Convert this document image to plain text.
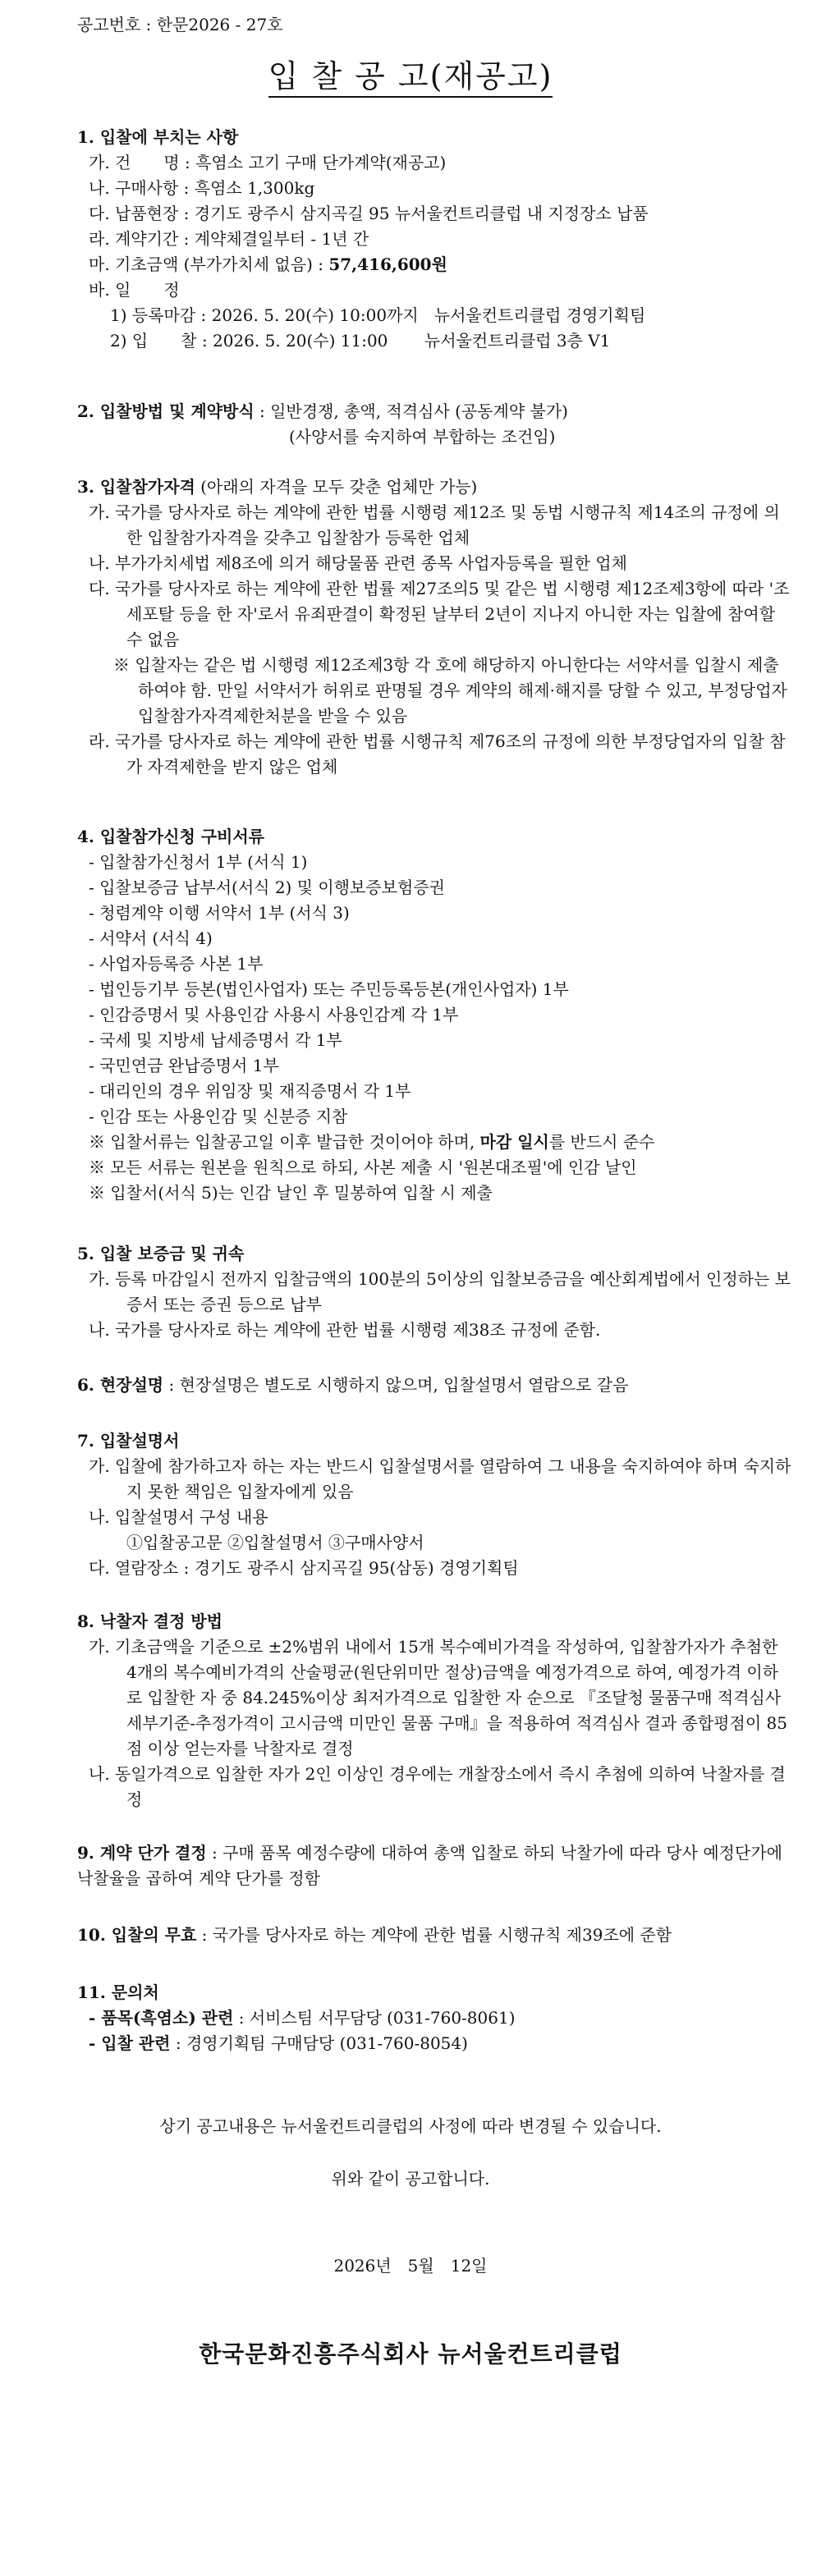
공고번호 : 한문2026 - 27호
입 찰 공 고(재공고)
1. 입찰에 부치는 사항
가. 건　　명 : 흑염소 고기 구매 단가계약(재공고)
나. 구매사항 : 흑염소 1,300kg
다. 납품현장 : 경기도 광주시 삼지곡길 95 뉴서울컨트리클럽 내 지정장소 납품
라. 계약기간 : 계약체결일부터 - 1년 간
마. 기초금액 (부가가치세 없음) : 57,416,600원
바. 일　　정
1) 등록마감 : 2026. 5. 20(수) 10:00까지   뉴서울컨트리클럽 경영기획팀
2) 입　　찰 : 2026. 5. 20(수) 11:00       뉴서울컨트리클럽 3층 V1
2. 입찰방법 및 계약방식 : 일반경쟁, 총액, 적격심사 (공동계약 불가)
(사양서를 숙지하여 부합하는 조건임)
3. 입찰참가자격 (아래의 자격을 모두 갖춘 업체만 가능)
가. 국가를 당사자로 하는 계약에 관한 법률 시행령 제12조 및 동법 시행규칙 제14조의 규정에 의한 입찰참가자격을 갖추고 입찰참가 등록한 업체
나. 부가가치세법 제8조에 의거 해당물품 관련 종목 사업자등록을 필한 업체
다. 국가를 당사자로 하는 계약에 관한 법률 제27조의5 및 같은 법 시행령 제12조제3항에 따라 '조세포탈 등을 한 자'로서 유죄판결이 확정된 날부터 2년이 지나지 아니한 자는 입찰에 참여할 수 없음
※ 입찰자는 같은 법 시행령 제12조제3항 각 호에 해당하지 아니한다는 서약서를 입찰시 제출하여야 함. 만일 서약서가 허위로 판명될 경우 계약의 해제·해지를 당할 수 있고, 부정당업자 입찰참가자격제한처분을 받을 수 있음
라. 국가를 당사자로 하는 계약에 관한 법률 시행규칙 제76조의 규정에 의한 부정당업자의 입찰 참가 자격제한을 받지 않은 업체
4. 입찰참가신청 구비서류
- 입찰참가신청서 1부 (서식 1)
- 입찰보증금 납부서(서식 2) 및 이행보증보험증권
- 청렴계약 이행 서약서 1부 (서식 3)
- 서약서 (서식 4)
- 사업자등록증 사본 1부
- 법인등기부 등본(법인사업자) 또는 주민등록등본(개인사업자) 1부
- 인감증명서 및 사용인감 사용시 사용인감계 각 1부
- 국세 및 지방세 납세증명서 각 1부
- 국민연금 완납증명서 1부
- 대리인의 경우 위임장 및 재직증명서 각 1부
- 인감 또는 사용인감 및 신분증 지참
※ 입찰서류는 입찰공고일 이후 발급한 것이어야 하며, 마감 일시를 반드시 준수
※ 모든 서류는 원본을 원칙으로 하되, 사본 제출 시 '원본대조필'에 인감 날인
※ 입찰서(서식 5)는 인감 날인 후 밀봉하여 입찰 시 제출
5. 입찰 보증금 및 귀속
가. 등록 마감일시 전까지 입찰금액의 100분의 5이상의 입찰보증금을 예산회계법에서 인정하는 보증서 또는 증권 등으로 납부
나. 국가를 당사자로 하는 계약에 관한 법률 시행령 제38조 규정에 준함.
6. 현장설명 : 현장설명은 별도로 시행하지 않으며, 입찰설명서 열람으로 갈음
7. 입찰설명서
가. 입찰에 참가하고자 하는 자는 반드시 입찰설명서를 열람하여 그 내용을 숙지하여야 하며 숙지하지 못한 책임은 입찰자에게 있음
나. 입찰설명서 구성 내용
①입찰공고문 ②입찰설명서 ③구매사양서
다. 열람장소 : 경기도 광주시 삼지곡길 95(삼동) 경영기획팀
8. 낙찰자 결정 방법
가. 기초금액을 기준으로 ±2%범위 내에서 15개 복수예비가격을 작성하여, 입찰참가자가 추첨한 4개의 복수예비가격의 산술평균(원단위미만 절상)금액을 예정가격으로 하여, 예정가격 이하로 입찰한 자 중 84.245%이상 최저가격으로 입찰한 자 순으로 『조달청 물품구매 적격심사세부기준-추정가격이 고시금액 미만인 물품 구매』을 적용하여 적격심사 결과 종합평점이 85점 이상 얻는자를 낙찰자로 결정
나. 동일가격으로 입찰한 자가 2인 이상인 경우에는 개찰장소에서 즉시 추첨에 의하여 낙찰자를 결정
9. 계약 단가 결정 : 구매 품목 예정수량에 대하여 총액 입찰로 하되 낙찰가에 따라 당사 예정단가에 낙찰율을 곱하여 계약 단가를 정함
10. 입찰의 무효 : 국가를 당사자로 하는 계약에 관한 법률 시행규칙 제39조에 준함
11. 문의처
- 품목(흑염소) 관련 : 서비스팀 서무담당 (031-760-8061)
- 입찰 관련 : 경영기획팀 구매담당 (031-760-8054)
상기 공고내용은 뉴서울컨트리클럽의 사정에 따라 변경될 수 있습니다.
위와 같이 공고합니다.
2026년　5월　12일
한국문화진흥주식회사 뉴서울컨트리클럽
